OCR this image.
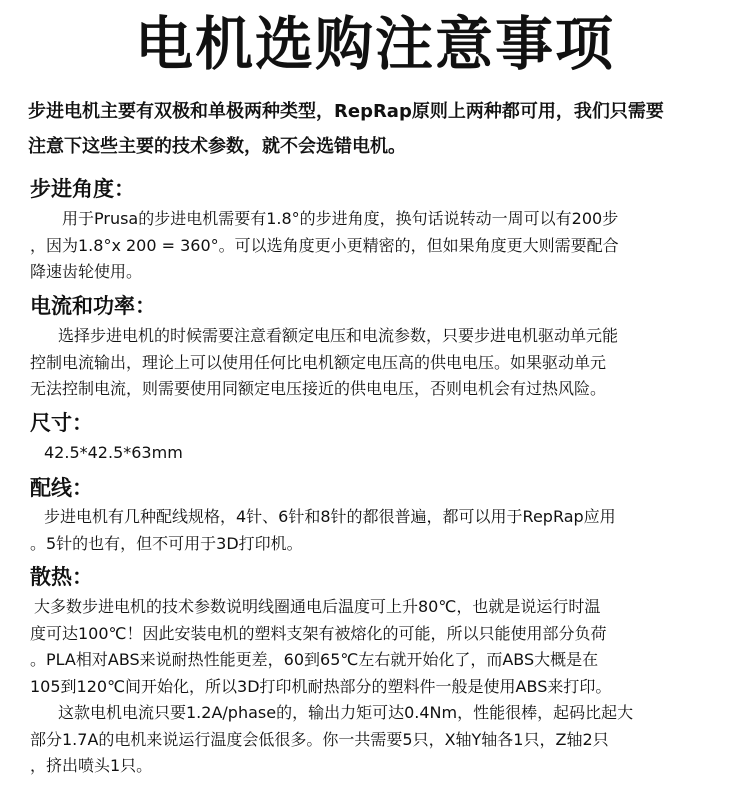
电机选购注意事项

步进电机主要有双极和单极两种类型，RepRap原则上两种都可用，我们只需要

注意下这些主要的技术参数，就不会选错电机。

步进角度：

用于Prusa的步进电机需要有1.8°的步进角度，换句话说转动一周可以有200步

，因为1.8°x 200 = 360°。可以选角度更小更精密的，但如果角度更大则需要配合

降速齿轮使用。

电流和功率：

选择步进电机的时候需要注意看额定电压和电流参数，只要步进电机驱动单元能

控制电流输出，理论上可以使用任何比电机额定电压高的供电电压。如果驱动单元

无法控制电流，则需要使用同额定电压接近的供电电压，否则电机会有过热风险。

尺寸：

42.5*42.5*63mm

配线：

步进电机有几种配线规格，4针、6针和8针的都很普遍，都可以用于RepRap应用

。5针的也有，但不可用于3D打印机。

散热：

大多数步进电机的技术参数说明线圈通电后温度可上升80℃，也就是说运行时温

度可达100℃！因此安装电机的塑料支架有被熔化的可能，所以只能使用部分负荷

。PLA相对ABS来说耐热性能更差，60到65℃左右就开始化了，而ABS大概是在

105到120℃间开始化，所以3D打印机耐热部分的塑料件一般是使用ABS来打印。

这款电机电流只要1.2A/phase的，输出力矩可达0.4Nm，性能很棒，起码比起大

部分1.7A的电机来说运行温度会低很多。你一共需要5只，X轴Y轴各1只，Z轴2只

，挤出喷头1只。
